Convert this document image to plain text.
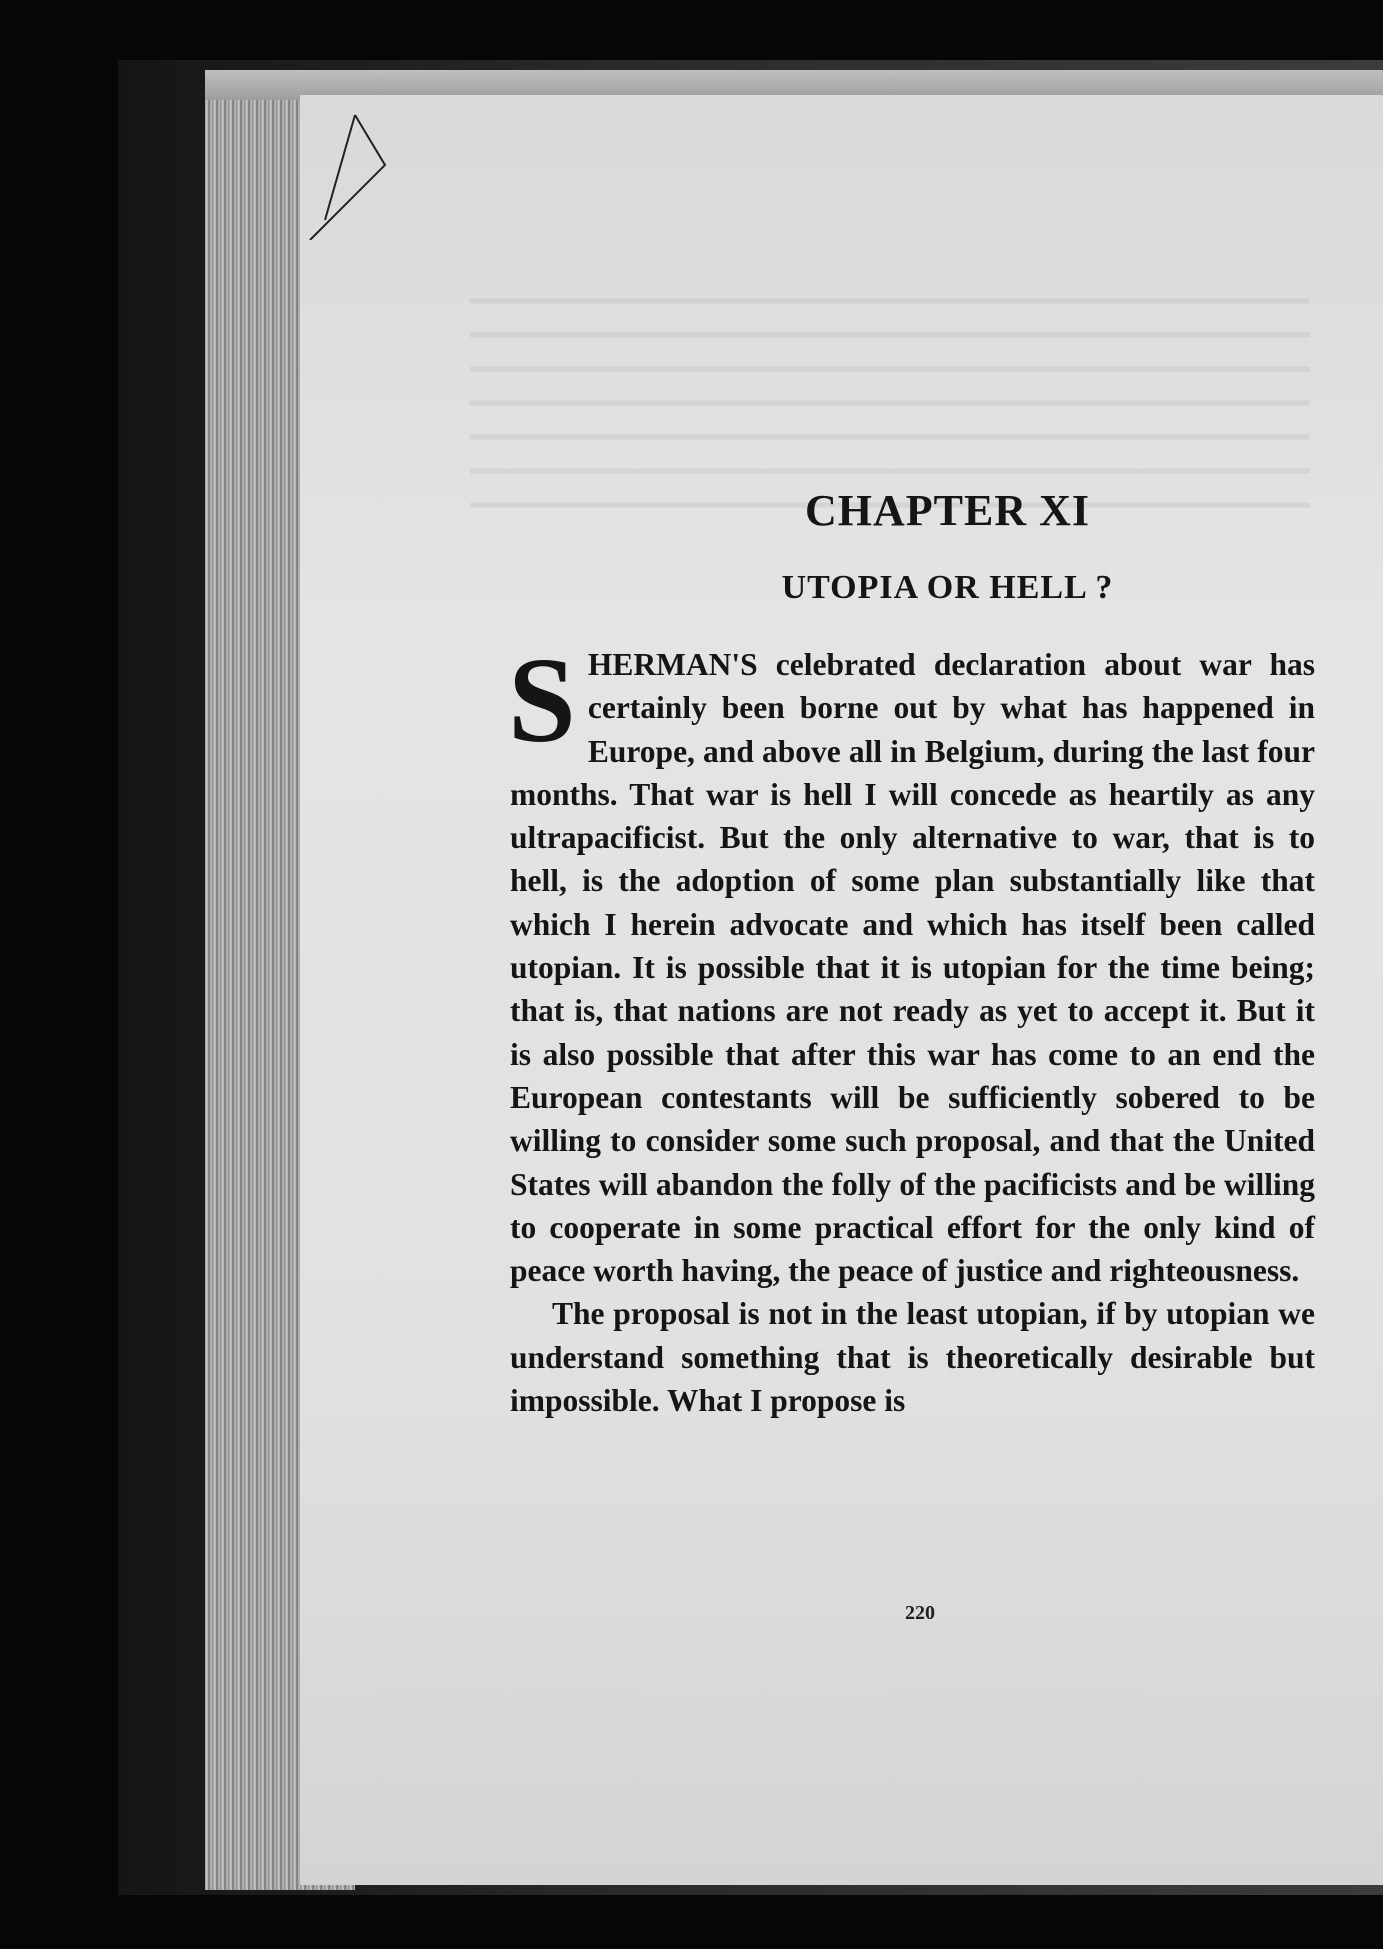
CHAPTER XI
UTOPIA OR HELL ?

SHERMAN'S celebrated declaration about war has certainly been borne out by what has happened in Europe, and above all in Belgium, during the last four months. That war is hell I will concede as heartily as any ultrapacificist. But the only alternative to war, that is to hell, is the adoption of some plan substantially like that which I herein advocate and which has itself been called utopian. It is possible that it is utopian for the time being; that is, that nations are not ready as yet to accept it. But it is also possible that after this war has come to an end the European contestants will be sufficiently sobered to be willing to consider some such proposal, and that the United States will abandon the folly of the pacificists and be willing to cooperate in some practical effort for the only kind of peace worth having, the peace of justice and righteousness.

The proposal is not in the least utopian, if by utopian we understand something that is theoretically desirable but impossible. What I propose is

220
